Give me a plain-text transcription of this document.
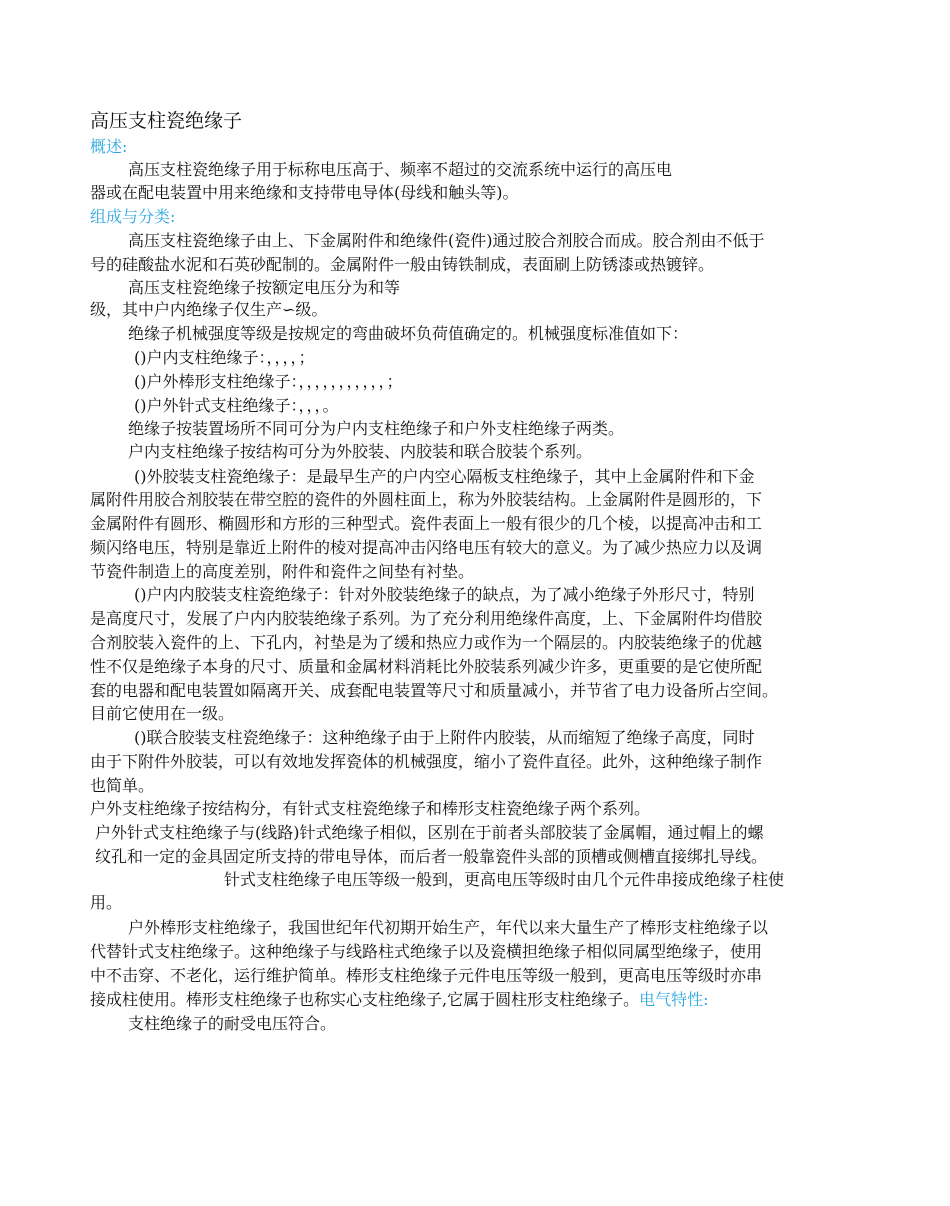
高压支柱瓷绝缘子
概述:
高压支柱瓷绝缘子用于标称电压高于、频率不超过的交流系统中运行的高压电
器或在配电装置中用来绝缘和支持带电导体(母线和触头等)。
组成与分类:
高压支柱瓷绝缘子由上、下金属附件和绝缘件(瓷件)通过胶合剂胶合而成。胶合剂由不低于
号的硅酸盐水泥和石英砂配制的。金属附件一般由铸铁制成，表面刷上防锈漆或热镀锌。
高压支柱瓷绝缘子按额定电压分为和等
级，其中户内绝缘子仅生产∽级。
绝缘子机械强度等级是按规定的弯曲破坏负荷值确定的。机械强度标准值如下：
()户内支柱绝缘子：，，，，；
()户外棒形支柱绝缘子：，，，，，，，，，，，；
()户外针式支柱绝缘子：，，，。
绝缘子按装置场所不同可分为户内支柱绝缘子和户外支柱绝缘子两类。
户内支柱绝缘子按结构可分为外胶装、内胶装和联合胶装个系列。
()外胶装支柱瓷绝缘子：是最早生产的户内空心隔板支柱绝缘子，其中上金属附件和下金
属附件用胶合剂胶装在带空腔的瓷件的外圆柱面上，称为外胶装结构。上金属附件是圆形的，下
金属附件有圆形、椭圆形和方形的三种型式。瓷件表面上一般有很少的几个棱，以提高冲击和工
频闪络电压，特别是靠近上附件的棱对提高冲击闪络电压有较大的意义。为了减少热应力以及调
节瓷件制造上的高度差别，附件和瓷件之间垫有衬垫。
()户内内胶装支柱瓷绝缘子：针对外胶装绝缘子的缺点，为了减小绝缘子外形尺寸，特别
是高度尺寸，发展了户内内胶装绝缘子系列。为了充分利用绝缘件高度，上、下金属附件均借胶
合剂胶装入瓷件的上、下孔内，衬垫是为了缓和热应力或作为一个隔层的。内胶装绝缘子的优越
性不仅是绝缘子本身的尺寸、质量和金属材料消耗比外胶装系列减少许多，更重要的是它使所配
套的电器和配电装置如隔离开关、成套配电装置等尺寸和质量减小，并节省了电力设备所占空间。
目前它使用在一级。
()联合胶装支柱瓷绝缘子：这种绝缘子由于上附件内胶装，从而缩短了绝缘子高度，同时
由于下附件外胶装，可以有效地发挥瓷体的机械强度，缩小了瓷件直径。此外，这种绝缘子制作
也简单。
户外支柱绝缘子按结构分，有针式支柱瓷绝缘子和棒形支柱瓷绝缘子两个系列。
户外针式支柱绝缘子与(线路)针式绝缘子相似，区别在于前者头部胶装了金属帽，通过帽上的螺
纹孔和一定的金具固定所支持的带电导体，而后者一般靠瓷件头部的顶槽或侧槽直接绑扎导线。
针式支柱绝缘子电压等级一般到，更高电压等级时由几个元件串接成绝缘子柱使
用。
户外棒形支柱绝缘子，我国世纪年代初期开始生产，年代以来大量生产了棒形支柱绝缘子以
代替针式支柱绝缘子。这种绝缘子与线路柱式绝缘子以及瓷横担绝缘子相似同属型绝缘子，使用
中不击穿、不老化，运行维护简单。棒形支柱绝缘子元件电压等级一般到，更高电压等级时亦串
接成柱使用。棒形支柱绝缘子也称实心支柱绝缘子,它属于圆柱形支柱绝缘子。电气特性:
支柱绝缘子的耐受电压符合。
